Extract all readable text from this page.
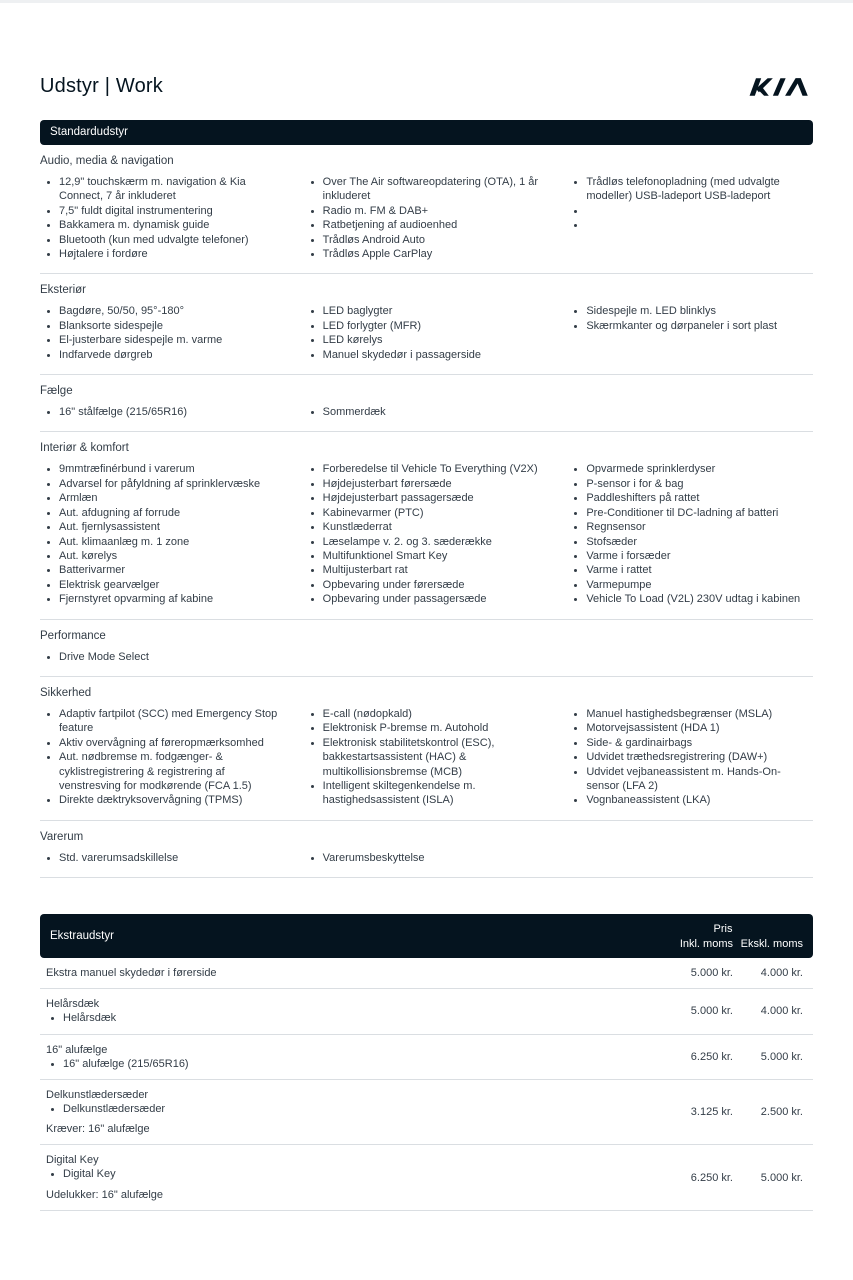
Udstyr | Work
Standardudstyr
Audio, media & navigation
12,9" touchskærm m. navigation & Kia Connect, 7 år inkluderet
7,5" fuldt digital instrumentering
Bakkamera m. dynamisk guide
Bluetooth (kun med udvalgte telefoner)
Højtalere i fordøre
Over The Air softwareopdatering (OTA), 1 år inkluderet
Radio m. FM & DAB+
Ratbetjening af audioenhed
Trådløs Android Auto
Trådløs Apple CarPlay
Trådløs telefonopladning (med udvalgte modeller) USB-ladeport USB-ladeport
Eksteriør
Bagdøre, 50/50, 95°-180°
Blanksorte sidespejle
El-justerbare sidespejle m. varme
Indfarvede dørgreb
LED baglygter
LED forlygter (MFR)
LED kørelys
Manuel skydedør i passagerside
Sidespejle m. LED blinklys
Skærmkanter og dørpaneler i sort plast
Fælge
16" stålfælge (215/65R16)	Sommerdæk
Interiør & komfort
9mmtræfinérbund i varerum
Advarsel for påfyldning af sprinklervæske
Armlæn
Aut. afdugning af forrude
Aut. fjernlysassistent
Aut. klimaanlæg m. 1 zone
Aut. kørelys
Batterivarmer
Elektrisk gearvælger
Fjernstyret opvarming af kabine
Forberedelse til Vehicle To Everything (V2X)
Højdejusterbart førersæde
Højdejusterbart passagersæde
Kabinevarmer (PTC)
Kunstlæderrat
Læselampe v. 2. og 3. sæderække
Multifunktionel Smart Key
Multijusterbart rat
Opbevaring under førersæde
Opbevaring under passagersæde
Opvarmede sprinklerdyser
P-sensor i for & bag
Paddleshifters på rattet
Pre-Conditioner til DC-ladning af batteri
Regnsensor
Stofsæder
Varme i forsæder
Varme i rattet
Varmepumpe
Vehicle To Load (V2L) 230V udtag i kabinen
Performance
Drive Mode Select
Sikkerhed
Adaptiv fartpilot (SCC) med Emergency Stop feature
Aktiv overvågning af føreropmærksomhed
Aut. nødbremse m. fodgænger- & cyklistregistrering & registrering af venstresving for modkørende (FCA 1.5)
Direkte dæktryksovervågning (TPMS)
E-call (nødopkald)
Elektronisk P-bremse m. Autohold
Elektronisk stabilitetskontrol (ESC), bakkestartsassistent (HAC) & multikollisionsbremse (MCB)
Intelligent skiltegenkendelse m. hastighedsassistent (ISLA)
Manuel hastighedsbegrænser (MSLA)
Motorvejsassistent (HDA 1)
Side- & gardinairbags
Udvidet træthedsregistrering (DAW+)
Udvidet vejbaneassistent m. Hands-On-sensor (LFA 2)
Vognbaneassistent (LKA)
Varerum
Std. varerumsadskillelse	Varerumsbeskyttelse
Ekstraudstyr
Pris
Inkl. moms Ekskl. moms
Ekstra manuel skydedør i førerside	5.000 kr.	4.000 kr.
Helårsdæk
Helårsdæk
5.000 kr.	4.000 kr.
16" alufælge
16" alufælge (215/65R16)
6.250 kr.	5.000 kr.
Delkunstlædersæder
Delkunstlædersæder
Kræver: 16" alufælge
3.125 kr.	2.500 kr.
Digital Key
Digital Key
Udelukker: 16" alufælge
6.250 kr.	5.000 kr.
